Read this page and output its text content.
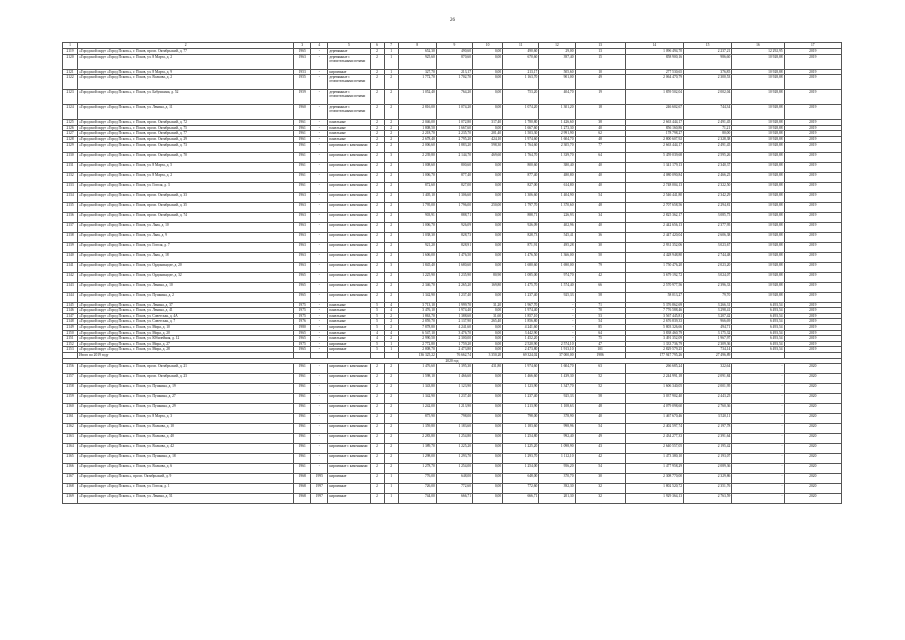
26
1	2	3	4	5	6	7	8	9	10	11	12	13	14	15	16	17
2119	«Городской округ «Город Псков»», г. Псков, просп. Октябрьский, д. 77	1965	-	деревянные	2	1	652,30	490,60	0,00	490,60	29,00	13	1 096 494,70	2 237,21	12 292,95	2019
2120	«Городской округ «Город Псков»», г. Псков, ул. 8 Марта, д. 2	1963	-	деревянные с отопительными печами	2	1	925,60	870,60	0,00	670,60	397,40	15	858 900,16	986,60	10 928,88	2019
2121	«Городской округ «Город Псков»», г. Псков, ул. 8 Марта, д. 9	1953	-	кирпичные	2	1	327,70	213,17	0,00	213,17	505,60	10	277 530,65	376,85	10 928,88	2019
2122	«Городской округ «Город Псков»», г. Псков, ул. Волкова, д. 2	1955	-	деревянные с отопительными печами	2	2	1 772,70	1 702,70	0,00	1 163,70	901,00	49	2 064 470,79	2 300,53	10 928,88	2019
2123	«Городской округ «Город Псков»», г. Псков, ул. Бабушкина, д. 52	1959	-	деревянные с отопительными печами	2	2	1 052,40	764,20	0,00	753,20	404,70	19	1 859 502,04	2 002,04	10 928,88	2019
2124	«Городской округ «Город Псков»», г. Псков, ул. Ленина, д. 11	1960	-	деревянные с отопительными печами	2	2	2 816,00	1 074,20	0,00	1 074,20	1 301,20	18	246 602,67	744,34	10 928,88	2019
2125	«Городской округ «Город Псков»», г. Псков, просп. Октябрьский, д. 72	1961	-	панельные	2	2	2 046,00	1 072,80	317,40	1 780,80	1 426,60	38	2 663 444,17	2 491,45	10 928,88	2019
2126	«Городской округ «Город Псков»», г. Псков, просп. Октябрьский, д. 75	1961	-	панельные	2	2	1 808,50	1 667,60	0,00	1 667,60	1 273,30	40	856 160,86	71,21	10 928,88	2019
2127	«Городской округ «Город Псков»», г. Псков, просп. Октябрьский, д. 77	1961	-	панельные	2	2	2 218,70	2 235,70	201,40	1 503,30	2 991,90	62	178 798,27	80,00	10 928,88	2019
2128	«Городской округ «Город Псков»», г. Псков, просп. Октябрьский, д. 29	1961	-	панельные	2	2	2 678,40	2 795,20	424,10	1 974,60	1 604,70	48	2 800 607,92	2 328,38	10 928,88	2019
2129	«Городской округ «Город Псков»», г. Псков, просп. Октябрьский, д. 73	1961	-	кирпичные с каменными	2	2	2 006,60	1 883,20	598,30	1 764,60	2 305,70	77	2 663 444,17	2 491,45	10 928,88	2019
2130	«Городской округ «Город Псков»», г. Псков, просп. Октябрьский, д. 70	1961	-	кирпичные с каменными	2	3	2 239,80	2 144,70	469,60	1 764,70	1 339,70	64	5 459 039,68	2 595,26	10 928,88	2019
2131	«Городской округ «Город Псков»», г. Псков, ул. 8 Марта, д. 5	1961	-	кирпичные с каменными	2	2	1 008,60	800,60	0,00	800,60	380,40	40	1 341 179,13	2 340,37	10 928,88	2019
2132	«Городской округ «Город Псков»», г. Псков, ул. 8 Марта, д. 2	1961	-	кирпичные с каменными	2	2	1 006,70	877,40	0,00	877,40	480,80	40	4 080 090,84	2 466,25	10 928,88	2019
2133	«Городской округ «Город Псков»», г. Псков, ул. Гоголя, д. 3	1961	-	кирпичные с каменными	2	2	872,60	827,00	0,00	827,00	614,80	40	2 748 004,13	2 322,50	10 928,88	2019
2134	«Городской округ «Город Псков»», г. Псков, просп. Октябрьский, д. 33	1963	-	кирпичные с каменными	2	2	1 405,10	1 306,60	0,00	1 306,60	1 404,90	54	2 546 441,80	2 342,29	10 928,88	2019
2135	«Городской округ «Город Псков»», г. Псков, просп. Октябрьский, д. 35	1963	-	кирпичные с каменными	2	2	1 795,00	1 796,00	250,00	1 797,70	1 370,60	48	2 707 658,56	2 294,81	10 928,88	2019
2136	«Городской округ «Город Псков»», г. Псков, просп. Октябрьский, д. 74	1963	-	кирпичные с каменными	2	2	903,91	888,71	0,00	888,71	226,93	34	2 825 362,17	3 085,75	10 928,88	2019
2137	«Городской округ «Город Псков»», г. Псков, ул. Льва, д. 10	1963	-	кирпичные с каменными	2	2	1 006,70	926,09	0,00	926,09	402,96	40	2 442 656,13	2 377,95	10 928,88	2019
2138	«Городской округ «Город Псков»», г. Псков, ул. Льва, д. 9	1963	-	кирпичные с каменными	2	2	1 038,30	828,73	0,00	828,73	545,41	36	2 447 420,04	2 606,38	10 928,88	2019
2139	«Городской округ «Город Псков»», г. Псков, ул. Гоголя, д. 7	1963	-	кирпичные с каменными	2	2	921,20	828,91	0,00	871,91	495,28	30	2 931 352,06	3 023,67	10 928,88	2019
2140	«Городской округ «Город Псков»», г. Псков, ул. Льва, д. 18	1963	-	кирпичные с каменными	2	2	1 606,00	1 476,50	0,00	1 476,50	1 366,00	50	4 428 948,80	2 744,48	10 928,88	2019
2141	«Городской округ «Город Псков»», г. Псков, ул. Ордоникидзе, д. 20	1963	-	кирпичные с каменными	2	3	1 845,40	1 680,60	0,00	1 680,60	1 690,00	79	1 750 476,20	2 023,20	10 928,88	2019
2142	«Городской округ «Город Псков»», г. Псков, ул. Ордоникидзе, д. 32	1965	-	кирпичные с каменными	2	2	1 225,90	1 235,90	80,90	1 085,00	974,70	42	3 679 192,72	3 024,07	10 928,88	2019
2143	«Городской округ «Город Псков»», г. Псков, ул. Ленина, д. 10	1965	-	кирпичные с каменными	2	2	2 346,70	2 265,20	169,80	1 475,70	1 574,40	66	2 570 977,56	2 396,33	10 928,88	2019
2144	«Городской округ «Город Псков»», г. Псков, ул. Пушкина, д. 2	1965	-	кирпичные с каменными	2	2	1 342,90	1 237,40	0,00	1 237,40	925,33	58	58 013,27	79,70	10 928,88	2019
2145	«Городской округ «Город Псков»», г. Псков, ул. Ленина, д. 37	1975	-	панельные	5	4	3 713,10	1 999,70	31,20	1 967,70	-	71	5 376 862,69	3 266,31	6 493,54	2019
2146	«Городской округ «Город Псков»», г. Псков, ул. Ленина, д. 41	1975	-	панельные	5	4	3 476,10	1 974,40	0,00	1 974,40	-	70	7 776 588,46	3 298,41	6 493,54	2019
2147	«Городской округ «Город Псков»», г. Псков, ул. Советская, д. 4А	1975	-	панельные	5	2	1 863,70	1 388,60	31,60	1 857,10	-	53	3 567 445,81	3 207,42	6 493,54	2019
2148	«Городской округ «Город Псков»», г. Псков, ул. Советская, д. 7	1976	-	панельные	5	2	2 859,70	2 137,90	265,40	1 856,80	-	54	2 676 839,33	966,69	6 493,54	2019
2149	«Городской округ «Город Псков»», г. Псков, ул. Мира, д. 10	1980	-	кирпичные	5	2	7 878,80	4 241,60	0,00	4 241,60	-	85	5 803 326,66	494,71	6 493,54	2019
2150	«Городской округ «Город Псков»», г. Псков, ул. Мира, д. 20	1965	-	панельные	4	4	6 547,10	3 476,70	0,00	3 442,90	-	64	3 838 460,79	3 175,32	6 493,54	2019
2151	«Городской округ «Город Псков»», г. Псков, ул. Юбилейная, д. 12	1965	-	панельные	4	2	2 990,50	2 300,00	0,00	1 452,20	-	75	3 491 352,09	1 967,97	6 493,54	2019
2152	«Городской округ «Город Псков»», г. Псков, ул. Мира, д. 27	1975	-	кирпичные	5	1	2 772,80	1 759,20	0,00	2 520,90	2 574,10	47	1 333 736,79	2 309,36	6 493,54	2019
2153	«Городской округ «Город Псков»», г. Псков, ул. Мира, д. 28	1965	-	кирпичные	5	1	2 808,70	2 473,80	0,00	2 473,80	1 913,10	101	2 829 579,25	734,14	6 493,54	2019
	Итого по 2019 году						136 325,22	76 662,74	3 350,20	69 324,02	37 000,00	1986	177 947 795,26	27 496,89		
2020 год																
2156	«Городской округ «Город Псков»», г. Псков, просп. Октябрьский, д. 21	1961	-	кирпичные с каменными	2	2	1 476,60	1 395,30	431,80	1 974,60	1 604,70	63	266 685,24	322,64	-	2020
2157	«Городской округ «Город Псков»», г. Псков, просп. Октябрьский, д. 23	1961	-	кирпичные с каменными	2	2	1 598,10	1 466,60	0,00	1 466,60	1 439,30	52	2 244 991,18	2 091,84	-	2020
2158	«Городской округ «Город Псков»», г. Псков, ул. Пушкина, д. 19	1961	-	кирпичные с каменными	2	2	1 343,80	1 123,90	0,00	1 123,90	1 347,70	52	1 606 340,05	2 001,95	-	2020
2159	«Городской округ «Город Псков»», г. Псков, ул. Пушкина, д. 27	1961	-	кирпичные с каменными	2	2	1 342,90	1 237,40	0,00	1 237,40	925,33	58	3 037 902,40	2 443,25	-	2020
2160	«Городской округ «Город Псков»», г. Псков, ул. Пушкина, д. 29	1961	-	кирпичные с каменными	2	2	1 242,00	1 213,90	0,00	1 213,90	1 108,63	48	4 079 098,60	2 760,36	-	2020
2161	«Городской округ «Город Псков»», г. Псков, ул. 8 Марта, д. 3	1961	-	кирпичные с каменными	2	2	875,90	798,00	0,00	798,00	378,90	40	1 467 670,46	3 520,11	-	2020
2162	«Городской округ «Город Псков»», г. Псков, ул. Волкова, д. 10	1961	-	кирпичные с каменными	2	2	1 359,80	1 183,60	0,00	1 183,60	998,96	54	2 402 597,74	2 197,78	-	2020
2163	«Городской округ «Город Псков»», г. Псков, ул. Волкова, д. 40	1961	-	кирпичные с каменными	2	2	2 283,80	1 254,80	0,00	1 254,80	992,40	49	2 434 277,33	2 391,64	-	2020
2164	«Городской округ «Город Псков»», г. Псков, ул. Волкова, д. 42	1961	-	кирпичные с каменными	2	2	1 389,70	1 225,20	0,00	1 225,20	1 098,90	43	2 640 557,05	2 195,42	-	2020
2165	«Городской округ «Город Псков»», г. Псков, ул. Пушкина, д. 18	1961	-	кирпичные с каменными	2	2	1 298,00	1 293,70	0,00	1 293,70	1 112,10	42	1 473 380,10	2 193,07	-	2020
2166	«Городской округ «Город Псков»», г. Псков, ул. Волкова, д. 6	1961	-	кирпичные с каменными	2	2	1 278,70	1 254,00	0,00	1 254,00	956,20	54	1 477 958,29	2 089,36	-	2020
2167	«Городской округ «Город Псков»», просп. Октябрьский, д. 9	1968	1995	кирпичные	2	1	776,00	648,00	0,00	648,00	370,70	30	2 308 770,00	2 329,86	-	2020
2168	«Городской округ «Город Псков»», г. Псков, ул. Гоголя, д. 1	1968	1997	кирпичные	2	1	726,00	772,60	0,00	772,60	392,30	32	1 802 520,72	2 351,76	-	2020
2169	«Городской округ «Город Псков»», г. Псков, ул. Ленина, д. 51	1968	1997	кирпичные	2	1	744,00	666,71	0,00	666,71	201,30	32	1 929 364,13	2 763,59	-	2020
